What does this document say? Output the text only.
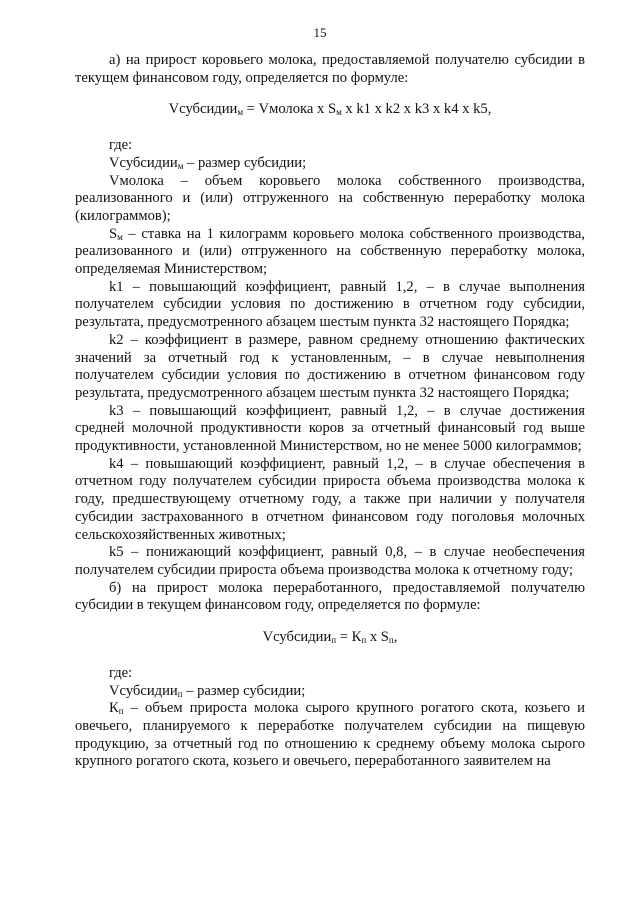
15

а) на прирост коровьего молока, предоставляемой получателю субсидии в текущем финансовом году, определяется по формуле:

Vсубсидии$_м$ = Vмолока х $S_м$ х k1 х k2 х k3 х k4 х k5,

где:

Vсубсидии$_м$ – размер субсидии;

Vмолока – объем коровьего молока собственного производства, реализованного и (или) отгруженного на собственную переработку молока (килограммов);

$S_м$ – ставка на 1 килограмм коровьего молока собственного производства, реализованного и (или) отгруженного на собственную переработку молока, определяемая Министерством;

k1 – повышающий коэффициент, равный 1,2, – в случае выполнения получателем субсидии условия по достижению в отчетном году субсидии, результата, предусмотренного абзацем шестым пункта 32 настоящего Порядка;

k2 – коэффициент в размере, равном среднему отношению фактических значений за отчетный год к установленным, – в случае невыполнения получателем субсидии условия по достижению в отчетном финансовом году результата, предусмотренного абзацем шестым пункта 32 настоящего Порядка;

k3 – повышающий коэффициент, равный 1,2, – в случае достижения средней молочной продуктивности коров за отчетный финансовый год выше продуктивности, установленной Министерством, но не менее 5000 килограммов;

k4 – повышающий коэффициент, равный 1,2, – в случае обеспечения в отчетном году получателем субсидии прироста объема производства молока к году, предшествующему отчетному году, а также при наличии у получателя субсидии застрахованного в отчетном финансовом году поголовья молочных сельскохозяйственных животных;

k5 – понижающий коэффициент, равный 0,8, – в случае необеспечения получателем субсидии прироста объема производства молока к отчетному году;

б) на прирост молока переработанного, предоставляемой получателю субсидии в текущем финансовом году, определяется по формуле:

Vсубсидии$_п$ = $К_п$ х $S_п$,

где:

Vсубсидии$_п$ – размер субсидии;

$К_п$ – объем прироста молока сырого крупного рогатого скота, козьего и овечьего, планируемого к переработке получателем субсидии на пищевую продукцию, за отчетный год по отношению к среднему объему молока сырого крупного рогатого скота, козьего и овечьего, переработанного заявителем на
